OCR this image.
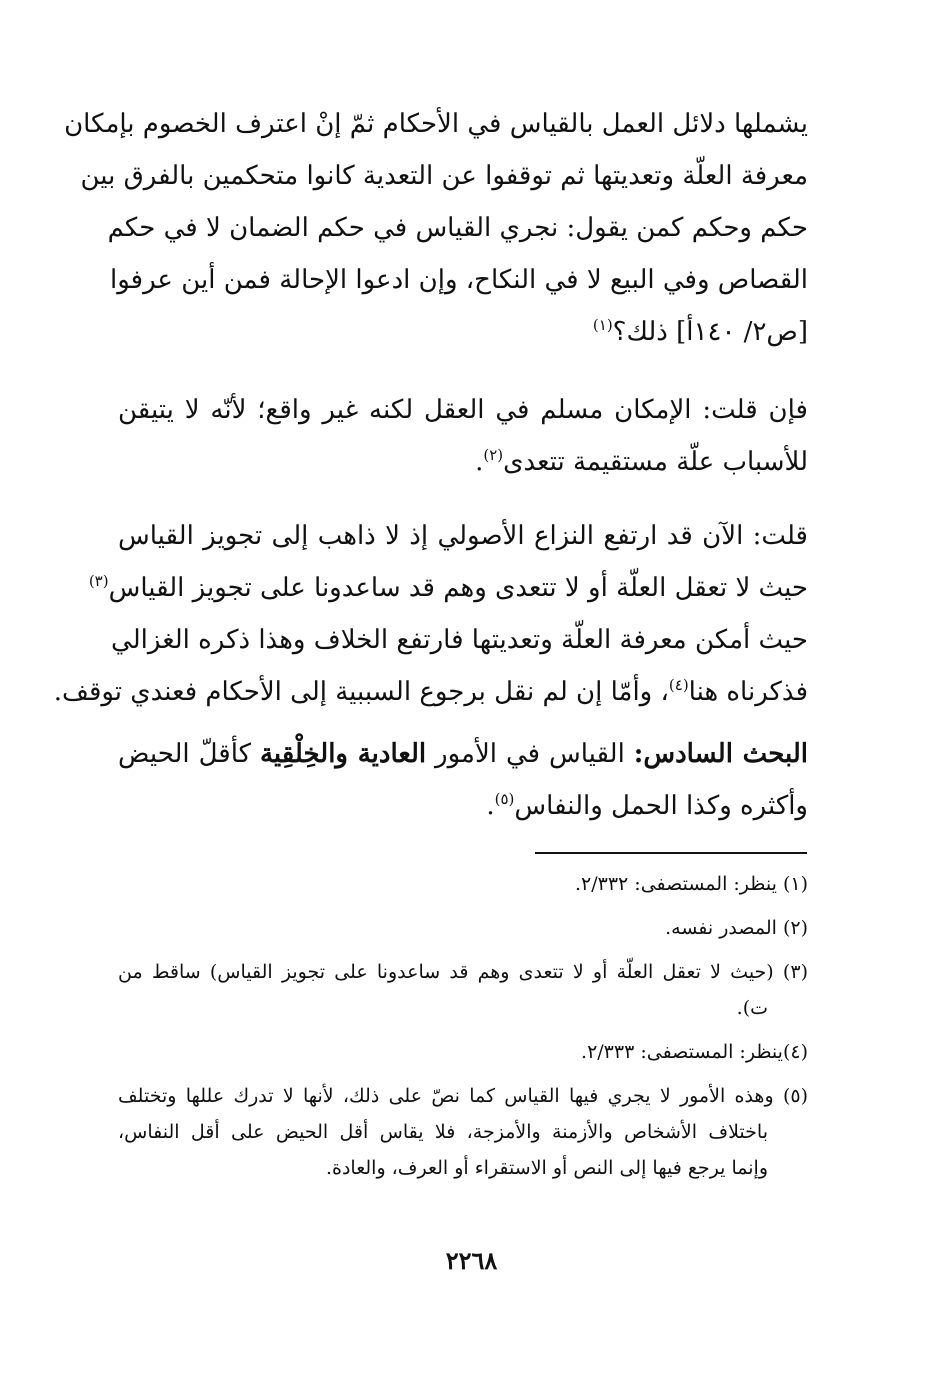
يشملها دلائل العمل بالقياس في الأحكام ثمّ إنْ اعترف الخصوم بإمكان
معرفة العلّة وتعديتها ثم توقفوا عن التعدية كانوا متحكمين بالفرق بين
حكم وحكم كمن يقول: نجري القياس في حكم الضمان لا في حكم
القصاص وفي البيع لا في النكاح، وإن ادعوا الإحالة فمن أين عرفوا
[ص٢/ ١٤٠أ] ذلك؟$^{(١)}$

فإن قلت: الإمكان مسلم في العقل لكنه غير واقع؛ لأنّه لا يتيقن
للأسباب علّة مستقيمة تتعدى$^{(٢)}$.

قلت: الآن قد ارتفع النزاع الأصولي إذ لا ذاهب إلى تجويز القياس
حيث لا تعقل العلّة أو لا تتعدى وهم قد ساعدونا على تجويز القياس$^{(٣)}$
حيث أمكن معرفة العلّة وتعديتها فارتفع الخلاف وهذا ذكره الغزالي
فذكرناه هنا$^{(٤)}$، وأمّا إن لم نقل برجوع السببية إلى الأحكام فعندي توقف.

البحث السادس: القياس في الأمور العادية والخِلْقِية كأقلّ الحيض
وأكثره وكذا الحمل والنفاس$^{(٥)}$.

(١) ينظر: المستصفى: ٢/٣٣٢.
(٢) المصدر نفسه.
(٣) (حيث لا تعقل العلّة أو لا تتعدى وهم قد ساعدونا على تجويز القياس) ساقط من
ت).
(٤)ينظر: المستصفى: ٢/٣٣٣.
(٥) وهذه الأمور لا يجري فيها القياس كما نصّ على ذلك، لأنها لا تدرك عللها وتختلف
باختلاف الأشخاص والأزمنة والأمزجة، فلا يقاس أقل الحيض على أقل النفاس،
وإنما يرجع فيها إلى النص أو الاستقراء أو العرف، والعادة.
٢٢٦٨
